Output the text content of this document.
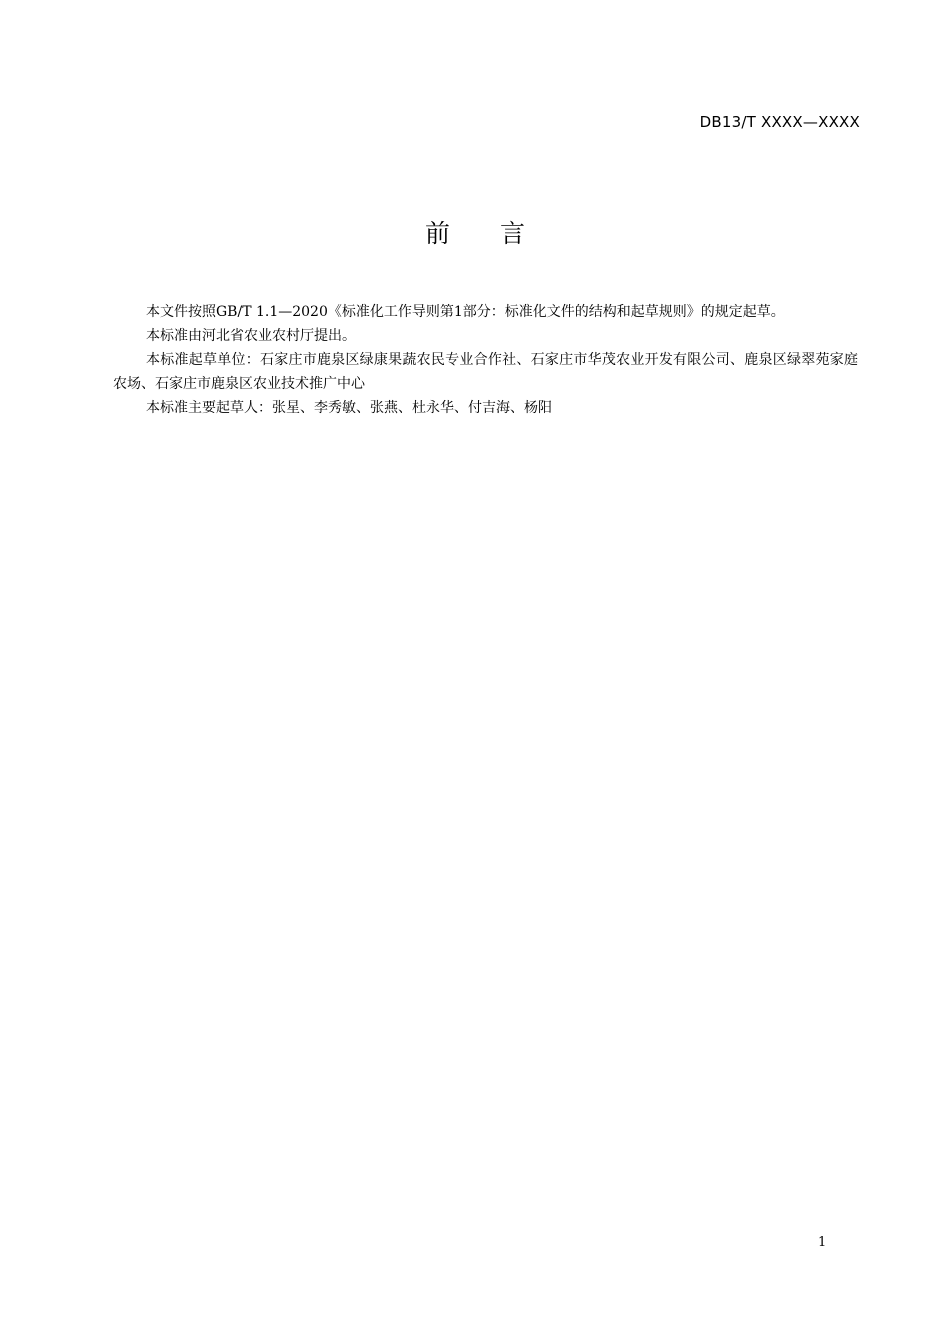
DB13/T XXXX—XXXX
前 言

本文件按照GB/T 1.1—2020《标准化工作导则第1部分：标准化文件的结构和起草规则》的规定起草。

本标准由河北省农业农村厅提出。

本标准起草单位：石家庄市鹿泉区绿康果蔬农民专业合作社、石家庄市华茂农业开发有限公司、鹿泉区绿翠苑家庭农场、石家庄市鹿泉区农业技术推广中心

本标准主要起草人：张星、李秀敏、张燕、杜永华、付吉海、杨阳

1
